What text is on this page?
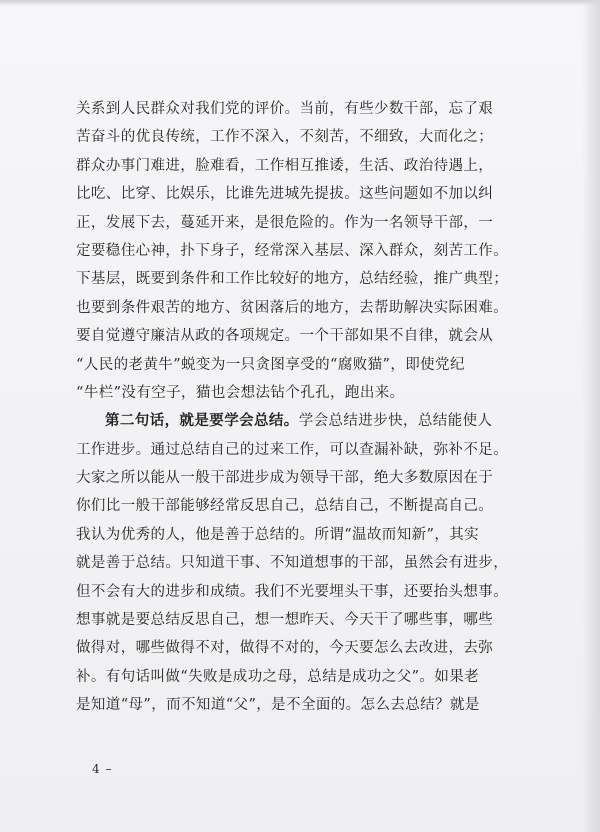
关系到人民群众对我们党的评价。当前，有些少数干部，忘了艰
苦奋斗的优良传统，工作不深入，不刻苦，不细致，大而化之；
群众办事门难进，脸难看，工作相互推诿，生活、政治待遇上，
比吃、比穿、比娱乐，比谁先进城先提拔。这些问题如不加以纠
正，发展下去，蔓延开来，是很危险的。作为一名领导干部，一
定要稳住心神，扑下身子，经常深入基层、深入群众，刻苦工作。
下基层，既要到条件和工作比较好的地方，总结经验，推广典型；
也要到条件艰苦的地方、贫困落后的地方，去帮助解决实际困难。
要自觉遵守廉洁从政的各项规定。一个干部如果不自律，就会从
“人民的老黄牛”蜕变为一只贪图享受的“腐败猫”，即使党纪
“牛栏”没有空子，猫也会想法钻个孔孔，跑出来。
第二句话，就是要学会总结。学会总结进步快，总结能使人
工作进步。通过总结自己的过来工作，可以查漏补缺，弥补不足。
大家之所以能从一般干部进步成为领导干部，绝大多数原因在于
你们比一般干部能够经常反思自己，总结自己，不断提高自己。
我认为优秀的人，他是善于总结的。所谓“温故而知新”，其实
就是善于总结。只知道干事、不知道想事的干部，虽然会有进步，
但不会有大的进步和成绩。我们不光要埋头干事，还要抬头想事。
想事就是要总结反思自己，想一想昨天、今天干了哪些事，哪些
做得对，哪些做得不对，做得不对的，今天要怎么去改进，去弥
补。有句话叫做“失败是成功之母，总结是成功之父”。如果老
是知道“母”，而不知道“父”，是不全面的。怎么去总结？就是
4 –
